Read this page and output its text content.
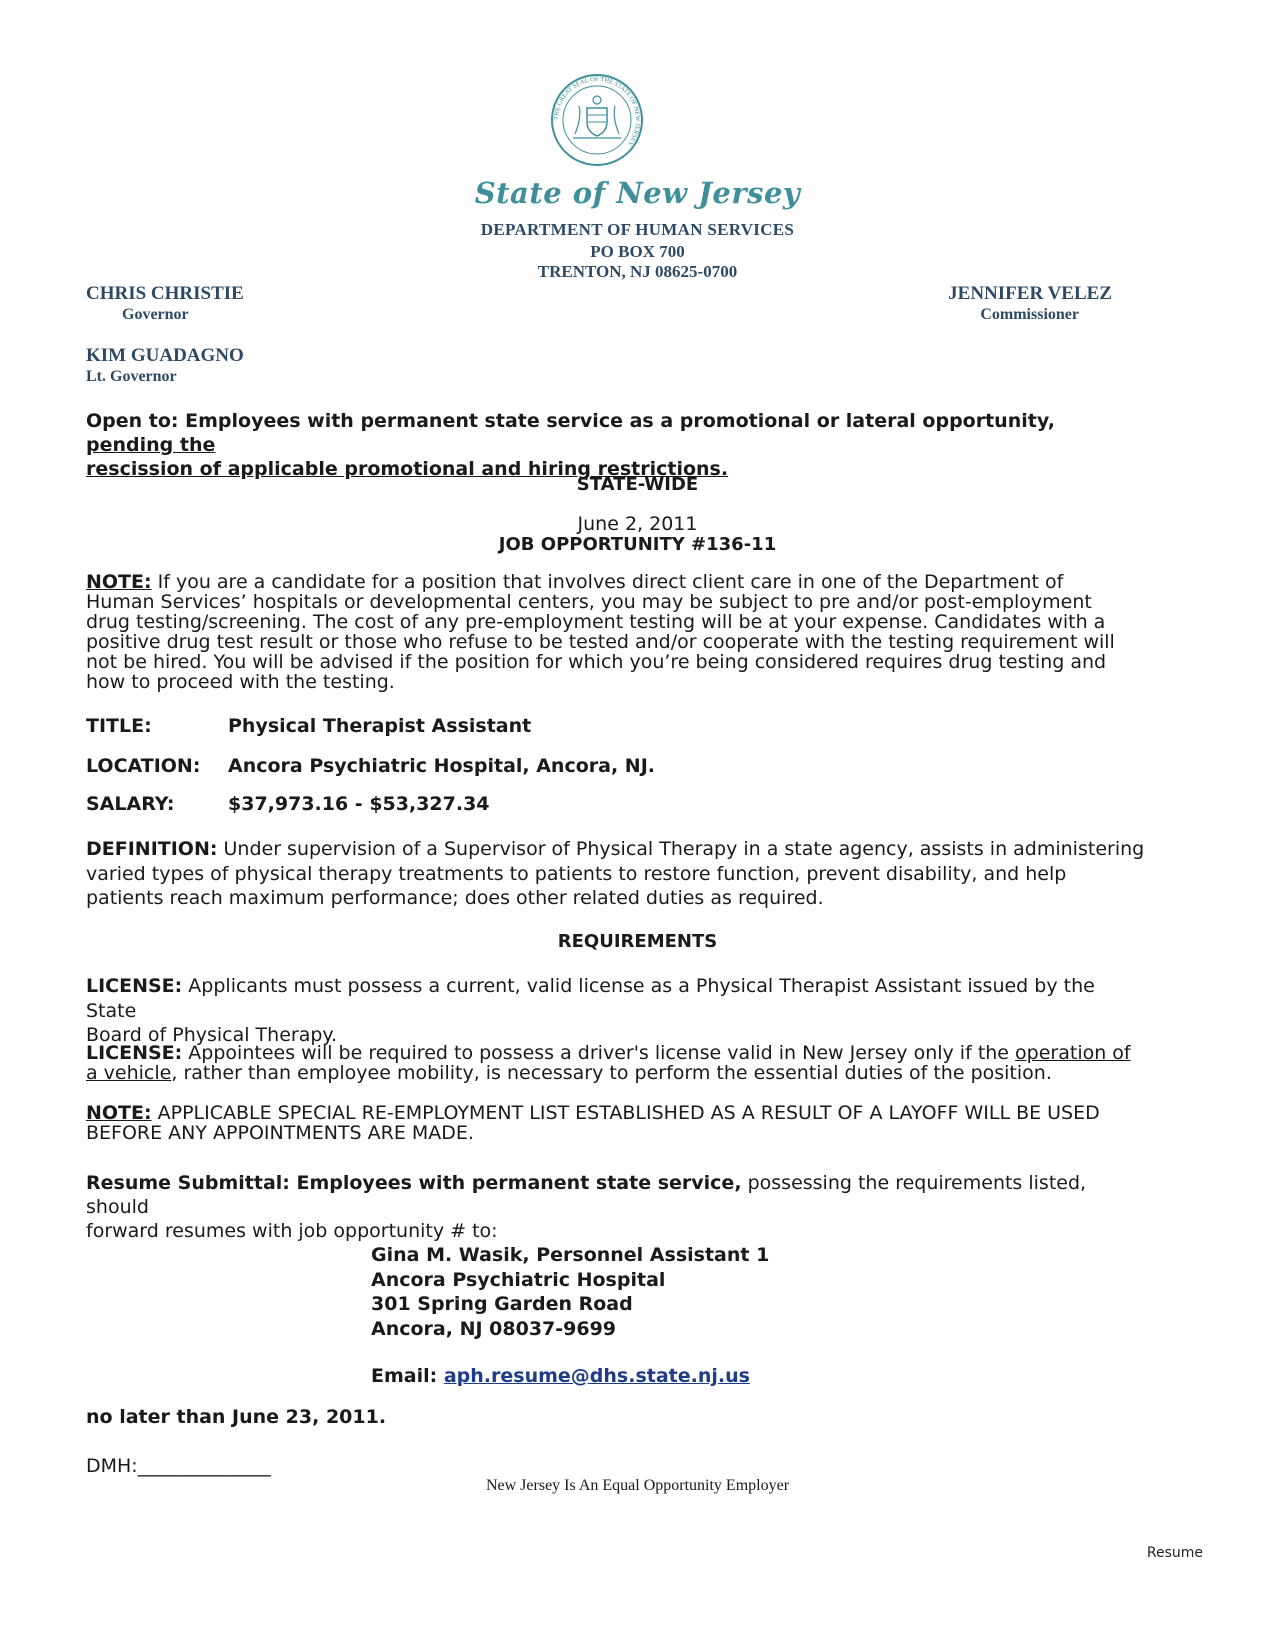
THE GREAT SEAL OF THE STATE OF NEW JERSEY
State of New Jersey
DEPARTMENT OF HUMAN SERVICES
PO BOX 700
TRENTON, NJ 08625-0700
CHRIS CHRISTIE
Governor
KIM GUADAGNO
Lt. Governor
JENNIFER VELEZ
Commissioner
Open to: Employees with permanent state service as a promotional or lateral opportunity, pending the
rescission of applicable promotional and hiring restrictions.
STATE-WIDE
June 2, 2011
JOB OPPORTUNITY #136-11
NOTE: If you are a candidate for a position that involves direct client care in one of the Department of
Human Services’ hospitals or developmental centers, you may be subject to pre and/or post-employment
drug testing/screening. The cost of any pre-employment testing will be at your expense. Candidates with a
positive drug test result or those who refuse to be tested and/or cooperate with the testing requirement will
not be hired. You will be advised if the position for which you’re being considered requires drug testing and
how to proceed with the testing.
TITLE:	Physical Therapist Assistant
LOCATION: Ancora Psychiatric Hospital, Ancora, NJ.
SALARY:	$37,973.16 - $53,327.34
DEFINITION: Under supervision of a Supervisor of Physical Therapy in a state agency, assists in administering
varied types of physical therapy treatments to patients to restore function, prevent disability, and help
patients reach maximum performance; does other related duties as required.
REQUIREMENTS
LICENSE: Applicants must possess a current, valid license as a Physical Therapist Assistant issued by the State
Board of Physical Therapy.
LICENSE: Appointees will be required to possess a driver's license valid in New Jersey only if the operation of
a vehicle, rather than employee mobility, is necessary to perform the essential duties of the position.
NOTE: APPLICABLE SPECIAL RE-EMPLOYMENT LIST ESTABLISHED AS A RESULT OF A LAYOFF WILL BE USED
BEFORE ANY APPOINTMENTS ARE MADE.
Resume Submittal: Employees with permanent state service, possessing the requirements listed, should
forward resumes with job opportunity # to:
Gina M. Wasik, Personnel Assistant 1
Ancora Psychiatric Hospital
301 Spring Garden Road
Ancora, NJ 08037-9699
Email: aph.resume@dhs.state.nj.us
no later than June 23, 2011.
DMH:______________
New Jersey Is An Equal Opportunity Employer
Resume
